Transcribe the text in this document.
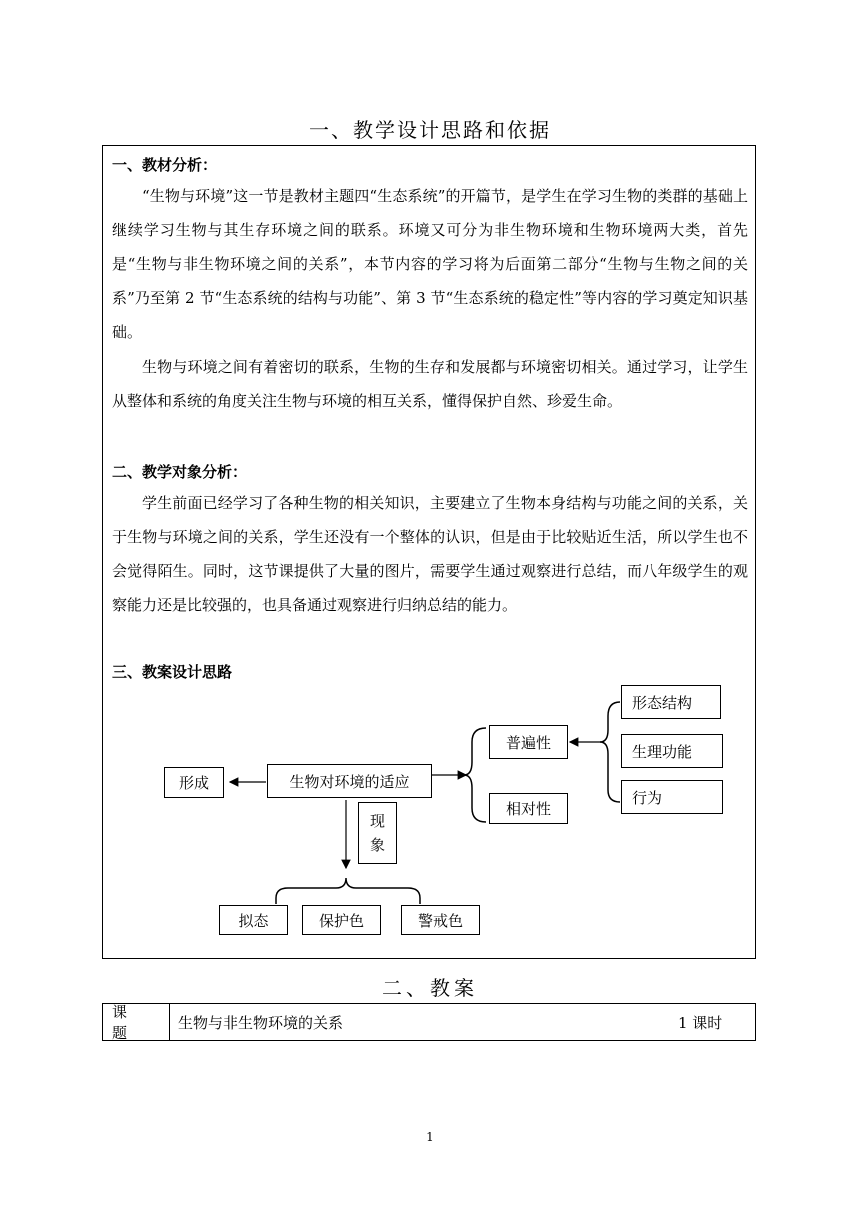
一、教学设计思路和依据

一、教材分析：

“生物与环境”这一节是教材主题四“生态系统”的开篇节，是学生在学习生物的类群的基础上继续学习生物与其生存环境之间的联系。环境又可分为非生物环境和生物环境两大类，首先是“生物与非生物环境之间的关系”，本节内容的学习将为后面第二部分“生物与生物之间的关系”乃至第 2 节“生态系统的结构与功能”、第 3 节“生态系统的稳定性”等内容的学习奠定知识基础。

生物与环境之间有着密切的联系，生物的生存和发展都与环境密切相关。通过学习，让学生从整体和系统的角度关注生物与环境的相互关系，懂得保护自然、珍爱生命。

二、教学对象分析：

学生前面已经学习了各种生物的相关知识，主要建立了生物本身结构与功能之间的关系，关于生物与环境之间的关系，学生还没有一个整体的认识，但是由于比较贴近生活，所以学生也不会觉得陌生。同时，这节课提供了大量的图片，需要学生通过观察进行总结，而八年级学生的观察能力还是比较强的，也具备通过观察进行归纳总结的能力。

三、教案设计思路

形成	生物对环境的适应
普遍性
相对性
形态结构
生理功能
行为
现
象
拟态	保护色	警戒色
二、教案
课题
生物与非生物环境的关系	1 课时
1
